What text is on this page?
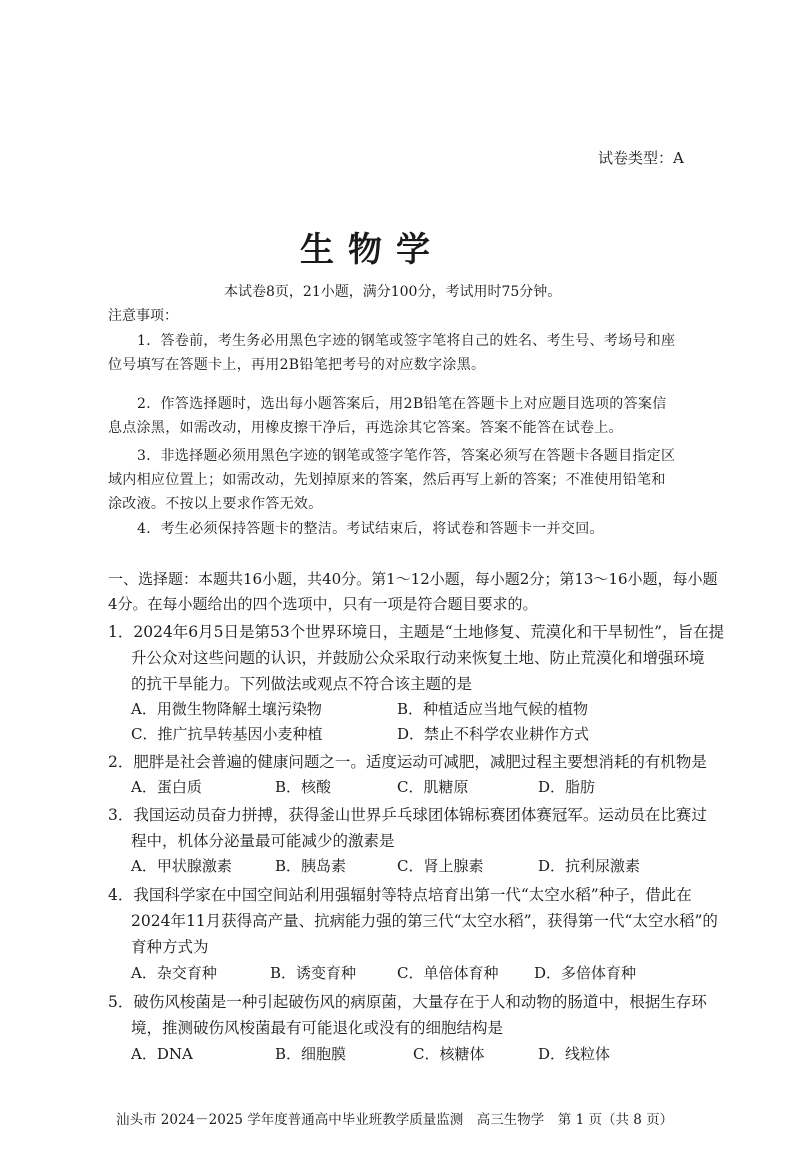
试卷类型：A
生物学
本试卷8页，21小题，满分100分，考试用时75分钟。
注意事项：
1．答卷前，考生务必用黑色字迹的钢笔或签字笔将自己的姓名、考生号、考场号和座
位号填写在答题卡上，再用2B铅笔把考号的对应数字涂黑。
2．作答选择题时，选出每小题答案后，用2B铅笔在答题卡上对应题目选项的答案信
息点涂黑，如需改动，用橡皮擦干净后，再选涂其它答案。答案不能答在试卷上。
3．非选择题必须用黑色字迹的钢笔或签字笔作答，答案必须写在答题卡各题目指定区
域内相应位置上；如需改动，先划掉原来的答案，然后再写上新的答案；不准使用铅笔和
涂改液。不按以上要求作答无效。
4．考生必须保持答题卡的整洁。考试结束后，将试卷和答题卡一并交回。
一、选择题：本题共16小题，共40分。第1～12小题，每小题2分；第13～16小题，每小题
4分。在每小题给出的四个选项中，只有一项是符合题目要求的。
1．2024年6月5日是第53个世界环境日，主题是“土地修复、荒漠化和干旱韧性”，旨在提
升公众对这些问题的认识，并鼓励公众采取行动来恢复土地、防止荒漠化和增强环境
的抗干旱能力。下列做法或观点不符合该主题的是
A．用微生物降解土壤污染物	B．种植适应当地气候的植物
C．推广抗旱转基因小麦种植	D．禁止不科学农业耕作方式
2．肥胖是社会普遍的健康问题之一。适度运动可减肥，减肥过程主要想消耗的有机物是
A．蛋白质	B．核酸	C．肌糖原	D．脂肪
3．我国运动员奋力拼搏，获得釜山世界乒乓球团体锦标赛团体赛冠军。运动员在比赛过
程中，机体分泌量最可能减少的激素是
A．甲状腺激素	B．胰岛素	C．肾上腺素	D．抗利尿激素
4．我国科学家在中国空间站利用强辐射等特点培育出第一代“太空水稻”种子，借此在
2024年11月获得高产量、抗病能力强的第三代“太空水稻”，获得第一代“太空水稻”的
育种方式为
A．杂交育种	B．诱变育种	C．单倍体育种 D．多倍体育种
5．破伤风梭菌是一种引起破伤风的病原菌，大量存在于人和动物的肠道中，根据生存环
境，推测破伤风梭菌最有可能退化或没有的细胞结构是
A．DNA	B．细胞膜	C．核糖体	D．线粒体
汕头市 2024－2025 学年度普通高中毕业班教学质量监测　高三生物学　第 1 页（共 8 页）
